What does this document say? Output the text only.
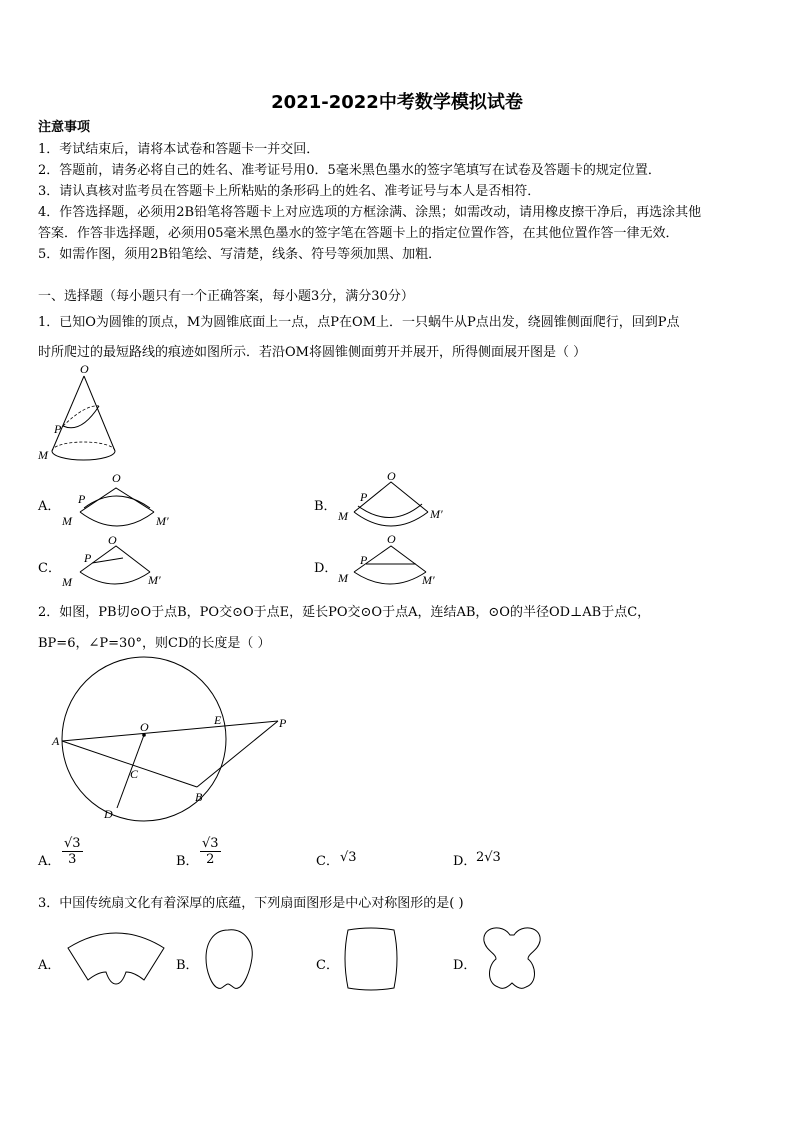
2021-2022中考数学模拟试卷
注意事项
1．考试结束后，请将本试卷和答题卡一并交回．
2．答题前，请务必将自己的姓名、准考证号用0．5毫米黑色墨水的签字笔填写在试卷及答题卡的规定位置．
3．请认真核对监考员在答题卡上所粘贴的条形码上的姓名、准考证号与本人是否相符．
4．作答选择题，必须用2B铅笔将答题卡上对应选项的方框涂满、涂黑；如需改动，请用橡皮擦干净后，再选涂其他
答案．作答非选择题，必须用05毫米黑色墨水的签字笔在答题卡上的指定位置作答，在其他位置作答一律无效．
5．如需作图，须用2B铅笔绘、写清楚，线条、符号等须加黑、加粗．
一、选择题（每小题只有一个正确答案，每小题3分，满分30分）
1．已知O为圆锥的顶点，M为圆锥底面上一点，点P在OM上．一只蜗牛从P点出发，绕圆锥侧面爬行，回到P点
时所爬过的最短路线的痕迹如图所示．若沿OM将圆锥侧面剪开并展开，所得侧面展开图是（ ）
O
P
M
A．
O
P
M	M′
B．
O
P
M	M′
C．
O
P
M	M′
D．
O
P
M	M′
2．如图，PB切⊙O于点B，PO交⊙O于点E，延长PO交⊙O于点A，连结AB，⊙O的半径OD⊥AB于点C，
BP=6，∠P=30°，则CD的长度是（ ）
A
O	E	P
C
B
D
A． $\frac{√3}{3}$	B． $\frac{√3}{2}$	C． √3	D． 2√3
3．中国传统扇文化有着深厚的底蕴，下列扇面图形是中心对称图形的是( )
A．	B．	C．	D．
